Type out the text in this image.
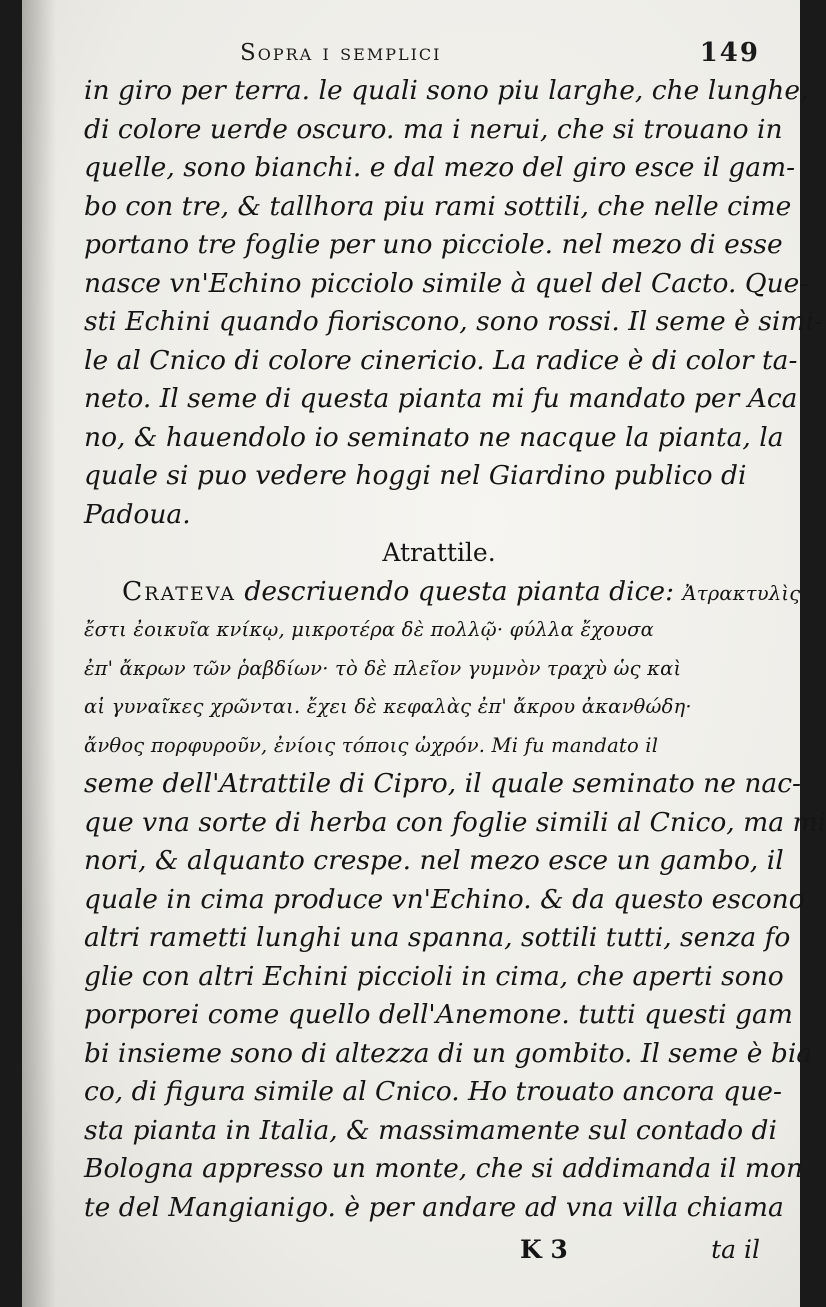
Sopra i semplici	149
in giro per terra. le quali sono piu larghe, che lunghe,
di colore uerde oscuro. ma i nerui, che si trouano in
quelle, sono bianchi. e dal mezo del giro esce il gam-
bo con tre, & tallhora piu rami sottili, che nelle cime
portano tre foglie per uno picciole. nel mezo di esse
nasce vn'Echino picciolo simile à quel del Cacto. Que-
sti Echini quando fioriscono, sono rossi. Il seme è simi-
le al Cnico di colore cinericio. La radice è di color ta-
neto. Il seme di questa pianta mi fu mandato per Aca
no, & hauendolo io seminato ne nacque la pianta, la
quale si puo vedere hoggi nel Giardino publico di
Padoua.
Atrattile.
Crateva descriuendo questa pianta dice: Ἀτρακτυλὶς
ἔστι ἐοικυῖα κνίκῳ, μικροτέρα δὲ πολλῷ· φύλλα ἔχουσα
ἐπ' ἄκρων τῶν ῥαβδίων· τὸ δὲ πλεῖον γυμνὸν τραχὺ ὡς καὶ
αἱ γυναῖκες χρῶνται. ἔχει δὲ κεφαλὰς ἐπ' ἄκρου ἀκανθώδη·
ἄνθος πορφυροῦν, ἐνίοις τόποις ὠχρόν. Mi fu mandato il
seme dell'Atrattile di Cipro, il quale seminato ne nac-
que vna sorte di herba con foglie simili al Cnico, ma mi
nori, & alquanto crespe. nel mezo esce un gambo, il
quale in cima produce vn'Echino. & da questo escono
altri rametti lunghi una spanna, sottili tutti, senza fo
glie con altri Echini piccioli in cima, che aperti sono
porporei come quello dell'Anemone. tutti questi gam
bi insieme sono di altezza di un gombito. Il seme è bia
co, di figura simile al Cnico. Ho trouato ancora que-
sta pianta in Italia, & massimamente sul contado di
Bologna appresso un monte, che si addimanda il mon
te del Mangianigo. è per andare ad vna villa chiama
K 3	ta il
